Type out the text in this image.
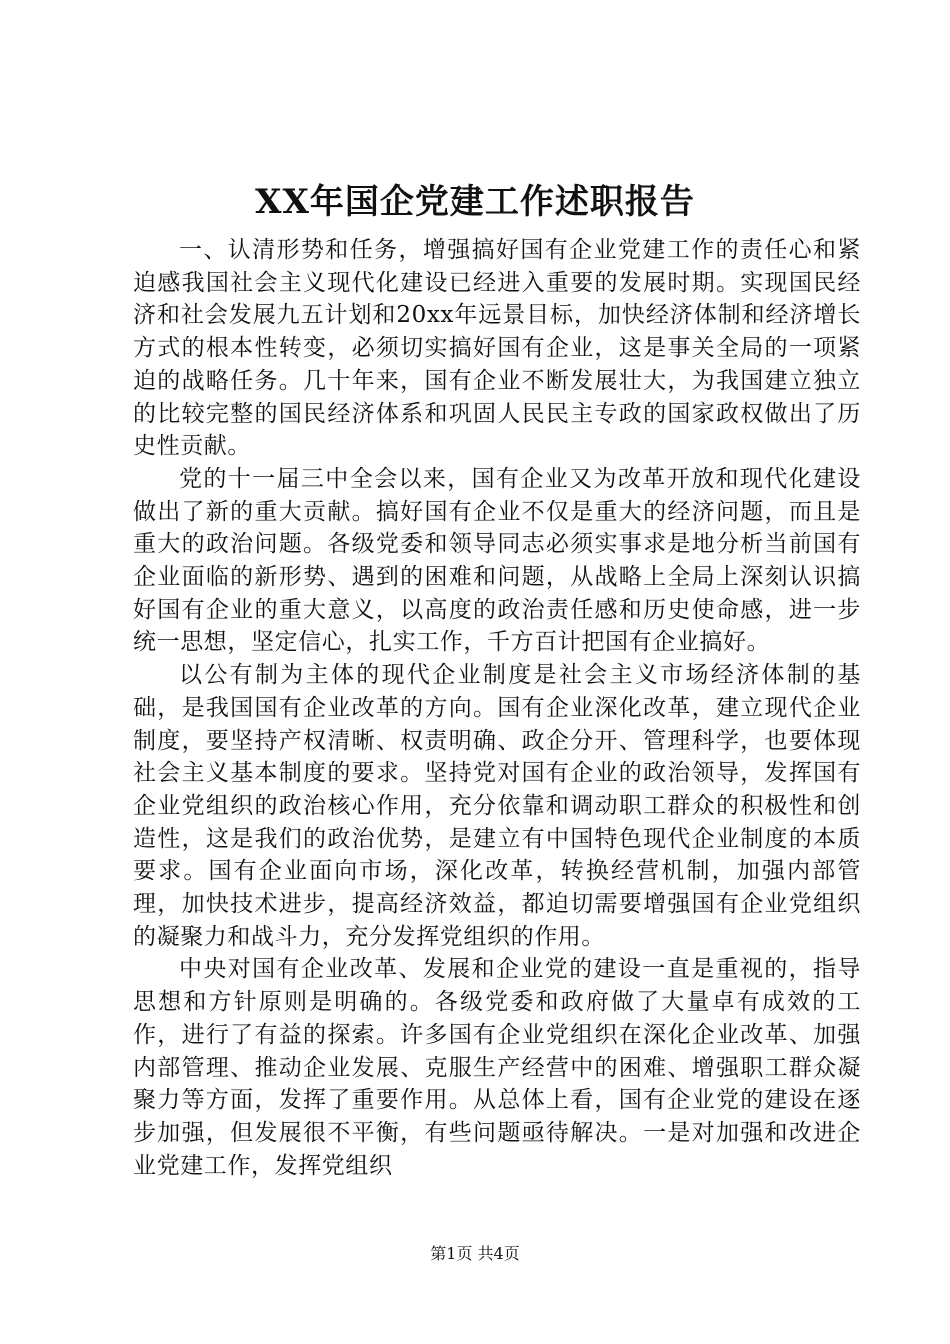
XX年国企党建工作述职报告

一、认清形势和任务，增强搞好国有企业党建工作的责任心和紧迫感我国社会主义现代化建设已经进入重要的发展时期。实现国民经济和社会发展九五计划和20xx年远景目标，加快经济体制和经济增长方式的根本性转变，必须切实搞好国有企业，这是事关全局的一项紧迫的战略任务。几十年来，国有企业不断发展壮大，为我国建立独立的比较完整的国民经济体系和巩固人民民主专政的国家政权做出了历史性贡献。

党的十一届三中全会以来，国有企业又为改革开放和现代化建设做出了新的重大贡献。搞好国有企业不仅是重大的经济问题，而且是重大的政治问题。各级党委和领导同志必须实事求是地分析当前国有企业面临的新形势、遇到的困难和问题，从战略上全局上深刻认识搞好国有企业的重大意义，以高度的政治责任感和历史使命感，进一步统一思想，坚定信心，扎实工作，千方百计把国有企业搞好。

以公有制为主体的现代企业制度是社会主义市场经济体制的基础，是我国国有企业改革的方向。国有企业深化改革，建立现代企业制度，要坚持产权清晰、权责明确、政企分开、管理科学，也要体现社会主义基本制度的要求。坚持党对国有企业的政治领导，发挥国有企业党组织的政治核心作用，充分依靠和调动职工群众的积极性和创造性，这是我们的政治优势，是建立有中国特色现代企业制度的本质要求。国有企业面向市场，深化改革，转换经营机制，加强内部管理，加快技术进步，提高经济效益，都迫切需要增强国有企业党组织的凝聚力和战斗力，充分发挥党组织的作用。

中央对国有企业改革、发展和企业党的建设一直是重视的，指导思想和方针原则是明确的。各级党委和政府做了大量卓有成效的工作，进行了有益的探索。许多国有企业党组织在深化企业改革、加强内部管理、推动企业发展、克服生产经营中的困难、增强职工群众凝聚力等方面，发挥了重要作用。从总体上看，国有企业党的建设在逐步加强，但发展很不平衡，有些问题亟待解决。一是对加强和改进企业党建工作，发挥党组织

第1页 共4页
